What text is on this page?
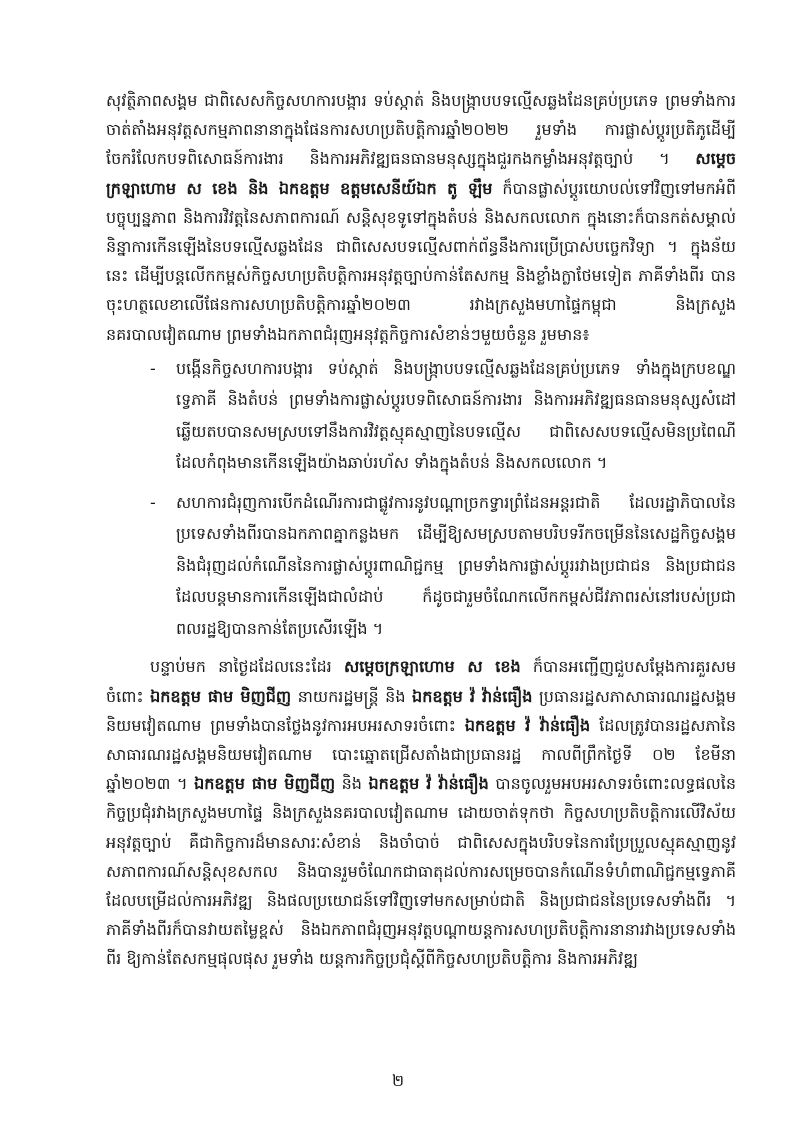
សុវត្ថិភាពសង្គម ជាពិសេសកិច្ចសហការបង្ការ ទប់ស្កាត់ និងបង្ក្រាបបទល្មើសឆ្លងដែនគ្រប់ប្រភេទ ព្រមទាំងការចាត់តាំងអនុវត្តសកម្មភាពនានាក្នុងផែនការសហប្រតិបត្តិការឆ្នាំ២០២២ រួមទាំង ការផ្លាស់ប្តូរប្រតិភូដើម្បីចែករំលែកបទពិសោធន៍ការងារ និងការអភិវឌ្ឍធនធានមនុស្សក្នុងជួរកងកម្លាំងអនុវត្តច្បាប់ ។ សម្តេចក្រឡាហោម ស ខេង និង ឯកឧត្តម ឧត្តមសេនីយ៍ឯក តូ ឡឹម ក៏បានផ្លាស់ប្តូរយោបល់ទៅវិញទៅមកអំពីបច្ចុប្បន្នភាព និងការវិវត្តនៃសភាពការណ៍ សន្តិសុខទូទៅក្នុងតំបន់ និងសកលលោក ក្នុងនោះក៏បានកត់សម្គាល់និន្នាការកើនឡើងនៃបទល្មើសឆ្លងដែន ជាពិសេសបទល្មើសពាក់ព័ន្ធនឹងការប្រើប្រាស់បច្ចេកវិទ្យា ។ ក្នុងន័យនេះ ដើម្បីបន្តលើកកម្ពស់កិច្ចសហប្រតិបត្តិការអនុវត្តច្បាប់កាន់តែសកម្ម និងខ្លាំងក្លាថែមទៀត ភាគីទាំងពីរ បានចុះហត្ថលេខាលើផែនការសហប្រតិបត្តិការឆ្នាំ២០២៣ រវាងក្រសួងមហាផ្ទៃកម្ពុជា និងក្រសួងនគរបាលវៀតណាម ព្រមទាំងឯកភាពជំរុញអនុវត្តកិច្ចការសំខាន់ៗមួយចំនួន រួមមាន៖

- បង្កើនកិច្ចសហការបង្ការ ទប់ស្កាត់ និងបង្ក្រាបបទល្មើសឆ្លងដែនគ្រប់ប្រភេទ ទាំងក្នុងក្របខណ្ឌទ្វេភាគី និងតំបន់ ព្រមទាំងការផ្លាស់ប្តូរបទពិសោធន៍ការងារ និងការអភិវឌ្ឍធនធានមនុស្សសំដៅឆ្លើយតបបានសមស្របទៅនឹងការវិវត្តស្មុគស្មាញនៃបទល្មើស ជាពិសេសបទល្មើសមិនប្រពៃណីដែលកំពុងមានកើនឡើងយ៉ាងឆាប់រហ័ស ទាំងក្នុងតំបន់ និងសកលលោក ។
- សហការជំរុញការបើកដំណើរការជាផ្លូវការនូវបណ្តាច្រកទ្វារព្រំដែនអន្តរជាតិ ដែលរដ្ឋាភិបាលនៃប្រទេសទាំងពីរបានឯកភាពគ្នាកន្លងមក ដើម្បីឱ្យសមស្របតាមបរិបទរីកចម្រើននៃសេដ្ឋកិច្ចសង្គម និងជំរុញដល់កំណើននៃការផ្លាស់ប្តូរពាណិជ្ជកម្ម ព្រមទាំងការផ្លាស់ប្តូររវាងប្រជាជន និងប្រជាជន ដែលបន្តមានការកើនឡើងជាលំដាប់ ក៏ដូចជារួមចំណែកលើកកម្ពស់ជីវភាពរស់នៅរបស់ប្រជាពលរដ្ឋឱ្យបានកាន់តែប្រសើរឡើង ។

បន្ទាប់មក នាថ្ងៃដដែលនេះដែរ សម្តេចក្រឡាហោម ស ខេង ក៏បានអញ្ជើញជួបសម្តែងការគួរសមចំពោះ ឯកឧត្តម ផាម មិញជីញ នាយករដ្ឋមន្ត្រី និង ឯកឧត្តម វ៉ វ៉ាន់ធឿង ប្រធានរដ្ឋសភាសាធារណរដ្ឋសង្គមនិយមវៀតណាម ព្រមទាំងបានថ្លែងនូវការអបអរសាទរចំពោះ ឯកឧត្តម វ៉ វ៉ាន់ធឿង ដែលត្រូវបានរដ្ឋសភានៃសាធារណរដ្ឋសង្គមនិយមវៀតណាម បោះឆ្នោតជ្រើសតាំងជាប្រធានរដ្ឋ កាលពីព្រឹកថ្ងៃទី ០២ ខែមីនា ឆ្នាំ២០២៣ ។ ឯកឧត្តម ផាម មិញជីញ និង ឯកឧត្តម វ៉ វ៉ាន់ធឿង បានចូលរួមអបអរសាទរចំពោះលទ្ធផលនៃកិច្ចប្រជុំរវាងក្រសួងមហាផ្ទៃ និងក្រសួងនគរបាលវៀតណាម ដោយចាត់ទុកថា កិច្ចសហប្រតិបត្តិការលើវិស័យអនុវត្តច្បាប់ គឺជាកិច្ចការដ៏មានសារៈសំខាន់ និងចាំបាច់ ជាពិសេសក្នុងបរិបទនៃការប្រែប្រួលស្មុគស្មាញនូវសភាពការណ៍សន្តិសុខសកល និងបានរួមចំណែកជាធាតុដល់ការសម្រេចបានកំណើនទំហំពាណិជ្ជកម្មទ្វេភាគី ដែលបម្រើដល់ការអភិវឌ្ឍ និងផលប្រយោជន៍ទៅវិញទៅមកសម្រាប់ជាតិ និងប្រជាជននៃប្រទេសទាំងពីរ ។ ភាគីទាំងពីរក៏បានវាយតម្លៃខ្ពស់ និងឯកភាពជំរុញអនុវត្តបណ្តាយន្តការសហប្រតិបត្តិការនានារវាងប្រទេសទាំងពីរ ឱ្យកាន់តែសកម្មផុលផុស រួមទាំង យន្តការកិច្ចប្រជុំស្តីពីកិច្ចសហប្រតិបត្តិការ និងការអភិវឌ្ឍ

២
